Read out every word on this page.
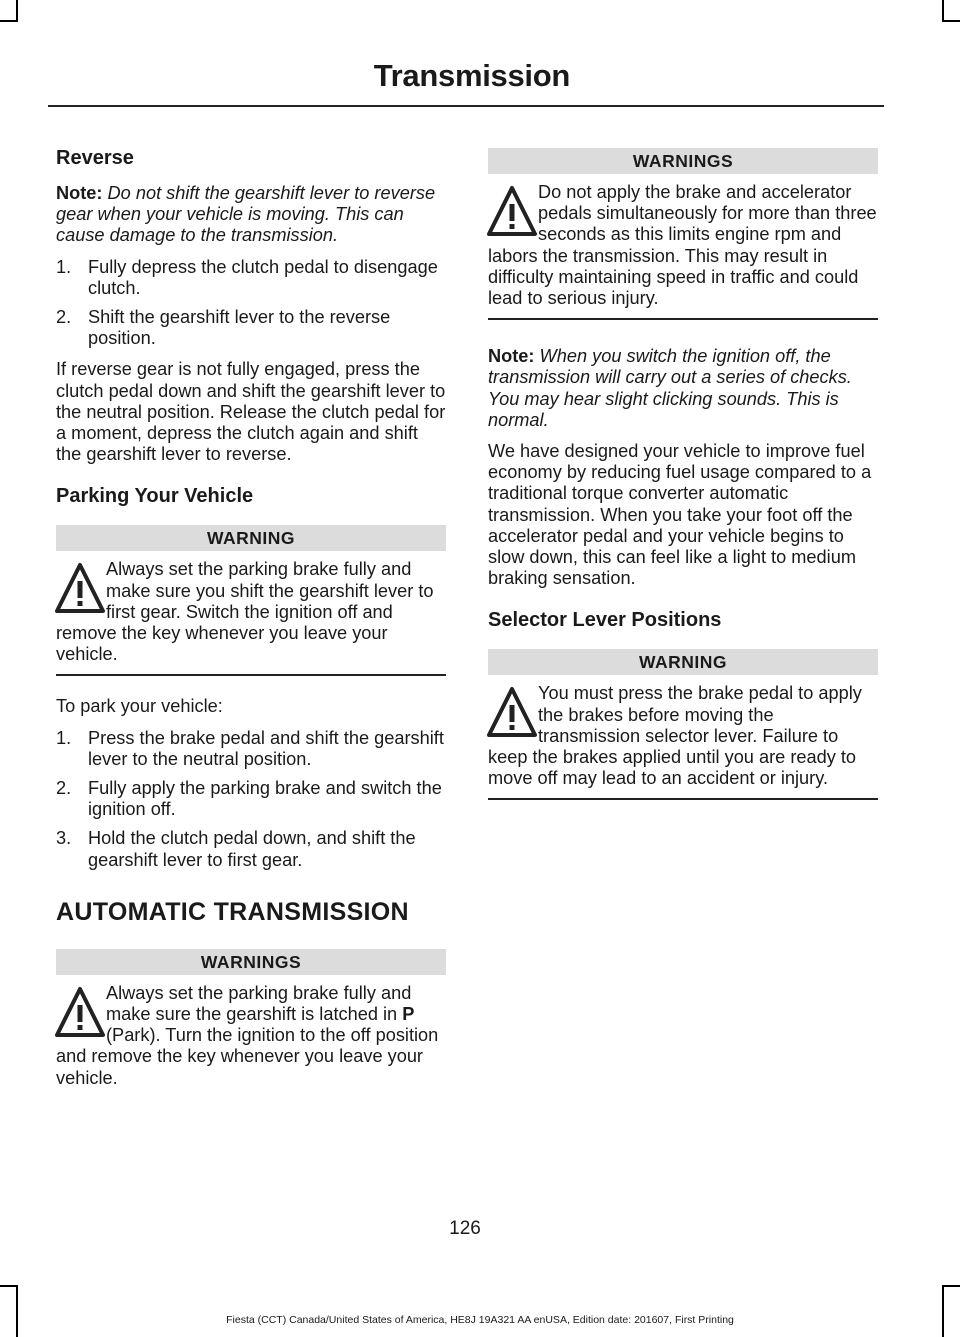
Transmission
Reverse

Note: Do not shift the gearshift lever to reverse gear when your vehicle is moving. This can cause damage to the transmission.

1. Fully depress the clutch pedal to disengage clutch.
2. Shift the gearshift lever to the reverse position.

If reverse gear is not fully engaged, press the clutch pedal down and shift the gearshift lever to the neutral position. Release the clutch pedal for a moment, depress the clutch again and shift the gearshift lever to reverse.

Parking Your Vehicle
WARNING
Always set the parking brake fully and make sure you shift the gearshift lever to first gear. Switch the ignition off and remove the key whenever you leave your vehicle.

To park your vehicle:

1. Press the brake pedal and shift the gearshift lever to the neutral position.
2. Fully apply the parking brake and switch the ignition off.
3. Hold the clutch pedal down, and shift the gearshift lever to first gear.
AUTOMATIC TRANSMISSION
WARNINGS
Always set the parking brake fully and make sure the gearshift is latched in P (Park). Turn the ignition to the off position and remove the key whenever you leave your vehicle.
WARNINGS
Do not apply the brake and accelerator pedals simultaneously for more than three seconds as this limits engine rpm and labors the transmission. This may result in difficulty maintaining speed in traffic and could lead to serious injury.

Note: When you switch the ignition off, the transmission will carry out a series of checks. You may hear slight clicking sounds. This is normal.

We have designed your vehicle to improve fuel economy by reducing fuel usage compared to a traditional torque converter automatic transmission. When you take your foot off the accelerator pedal and your vehicle begins to slow down, this can feel like a light to medium braking sensation.

Selector Lever Positions
WARNING
You must press the brake pedal to apply the brakes before moving the transmission selector lever. Failure to keep the brakes applied until you are ready to move off may lead to an accident or injury.
126
Fiesta (CCT) Canada/United States of America, HE8J 19A321 AA enUSA, Edition date: 201607, First Printing
